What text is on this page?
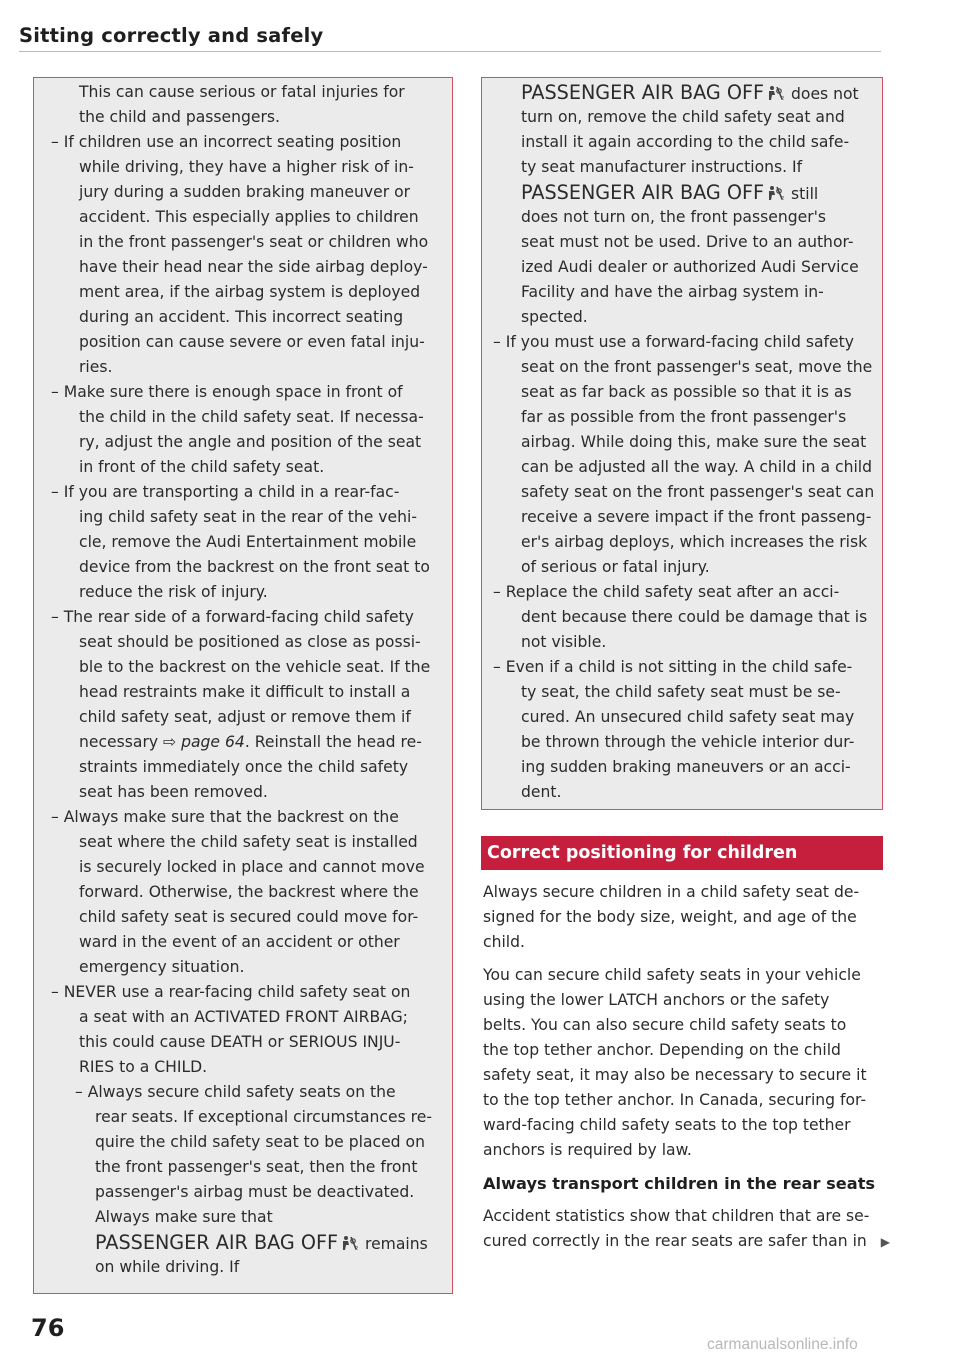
Sitting correctly and safely
This can cause serious or fatal injuries for
the child and passengers.
– If children use an incorrect seating position
while driving, they have a higher risk of in-
jury during a sudden braking maneuver or
accident. This especially applies to children
in the front passenger's seat or children who
have their head near the side airbag deploy-
ment area, if the airbag system is deployed
during an accident. This incorrect seating
position can cause severe or even fatal inju-
ries.
– Make sure there is enough space in front of
the child in the child safety seat. If necessa-
ry, adjust the angle and position of the seat
in front of the child safety seat.
– If you are transporting a child in a rear-fac-
ing child safety seat in the rear of the vehi-
cle, remove the Audi Entertainment mobile
device from the backrest on the front seat to
reduce the risk of injury.
– The rear side of a forward-facing child safety
seat should be positioned as close as possi-
ble to the backrest on the vehicle seat. If the
head restraints make it difficult to install a
child safety seat, adjust or remove them if
necessary ⇨ page 64. Reinstall the head re-
straints immediately once the child safety
seat has been removed.
– Always make sure that the backrest on the
seat where the child safety seat is installed
is securely locked in place and cannot move
forward. Otherwise, the backrest where the
child safety seat is secured could move for-
ward in the event of an accident or other
emergency situation.
– NEVER use a rear-facing child safety seat on
a seat with an ACTIVATED FRONT AIRBAG;
this could cause DEATH or SERIOUS INJU-
RIES to a CHILD.
– Always secure child safety seats on the
rear seats. If exceptional circumstances re-
quire the child safety seat to be placed on
the front passenger's seat, then the front
passenger's airbag must be deactivated.
Always make sure that
PASSENGER AIR BAG OFF remains
on while driving. If
PASSENGER AIR BAG OFF does not
turn on, remove the child safety seat and
install it again according to the child safe-
ty seat manufacturer instructions. If
PASSENGER AIR BAG OFF still
does not turn on, the front passenger's
seat must not be used. Drive to an author-
ized Audi dealer or authorized Audi Service
Facility and have the airbag system in-
spected.
– If you must use a forward-facing child safety
seat on the front passenger's seat, move the
seat as far back as possible so that it is as
far as possible from the front passenger's
airbag. While doing this, make sure the seat
can be adjusted all the way. A child in a child
safety seat on the front passenger's seat can
receive a severe impact if the front passeng-
er's airbag deploys, which increases the risk
of serious or fatal injury.
– Replace the child safety seat after an acci-
dent because there could be damage that is
not visible.
– Even if a child is not sitting in the child safe-
ty seat, the child safety seat must be se-
cured. An unsecured child safety seat may
be thrown through the vehicle interior dur-
ing sudden braking maneuvers or an acci-
dent.
Correct positioning for children
Always secure children in a child safety seat de-
signed for the body size, weight, and age of the
child.
You can secure child safety seats in your vehicle
using the lower LATCH anchors or the safety
belts. You can also secure child safety seats to
the top tether anchor. Depending on the child
safety seat, it may also be necessary to secure it
to the top tether anchor. In Canada, securing for-
ward-facing child safety seats to the top tether
anchors is required by law.
Always transport children in the rear seats
Accident statistics show that children that are se-
cured correctly in the rear seats are safer than in ▶
76
carmanualsonline.info
